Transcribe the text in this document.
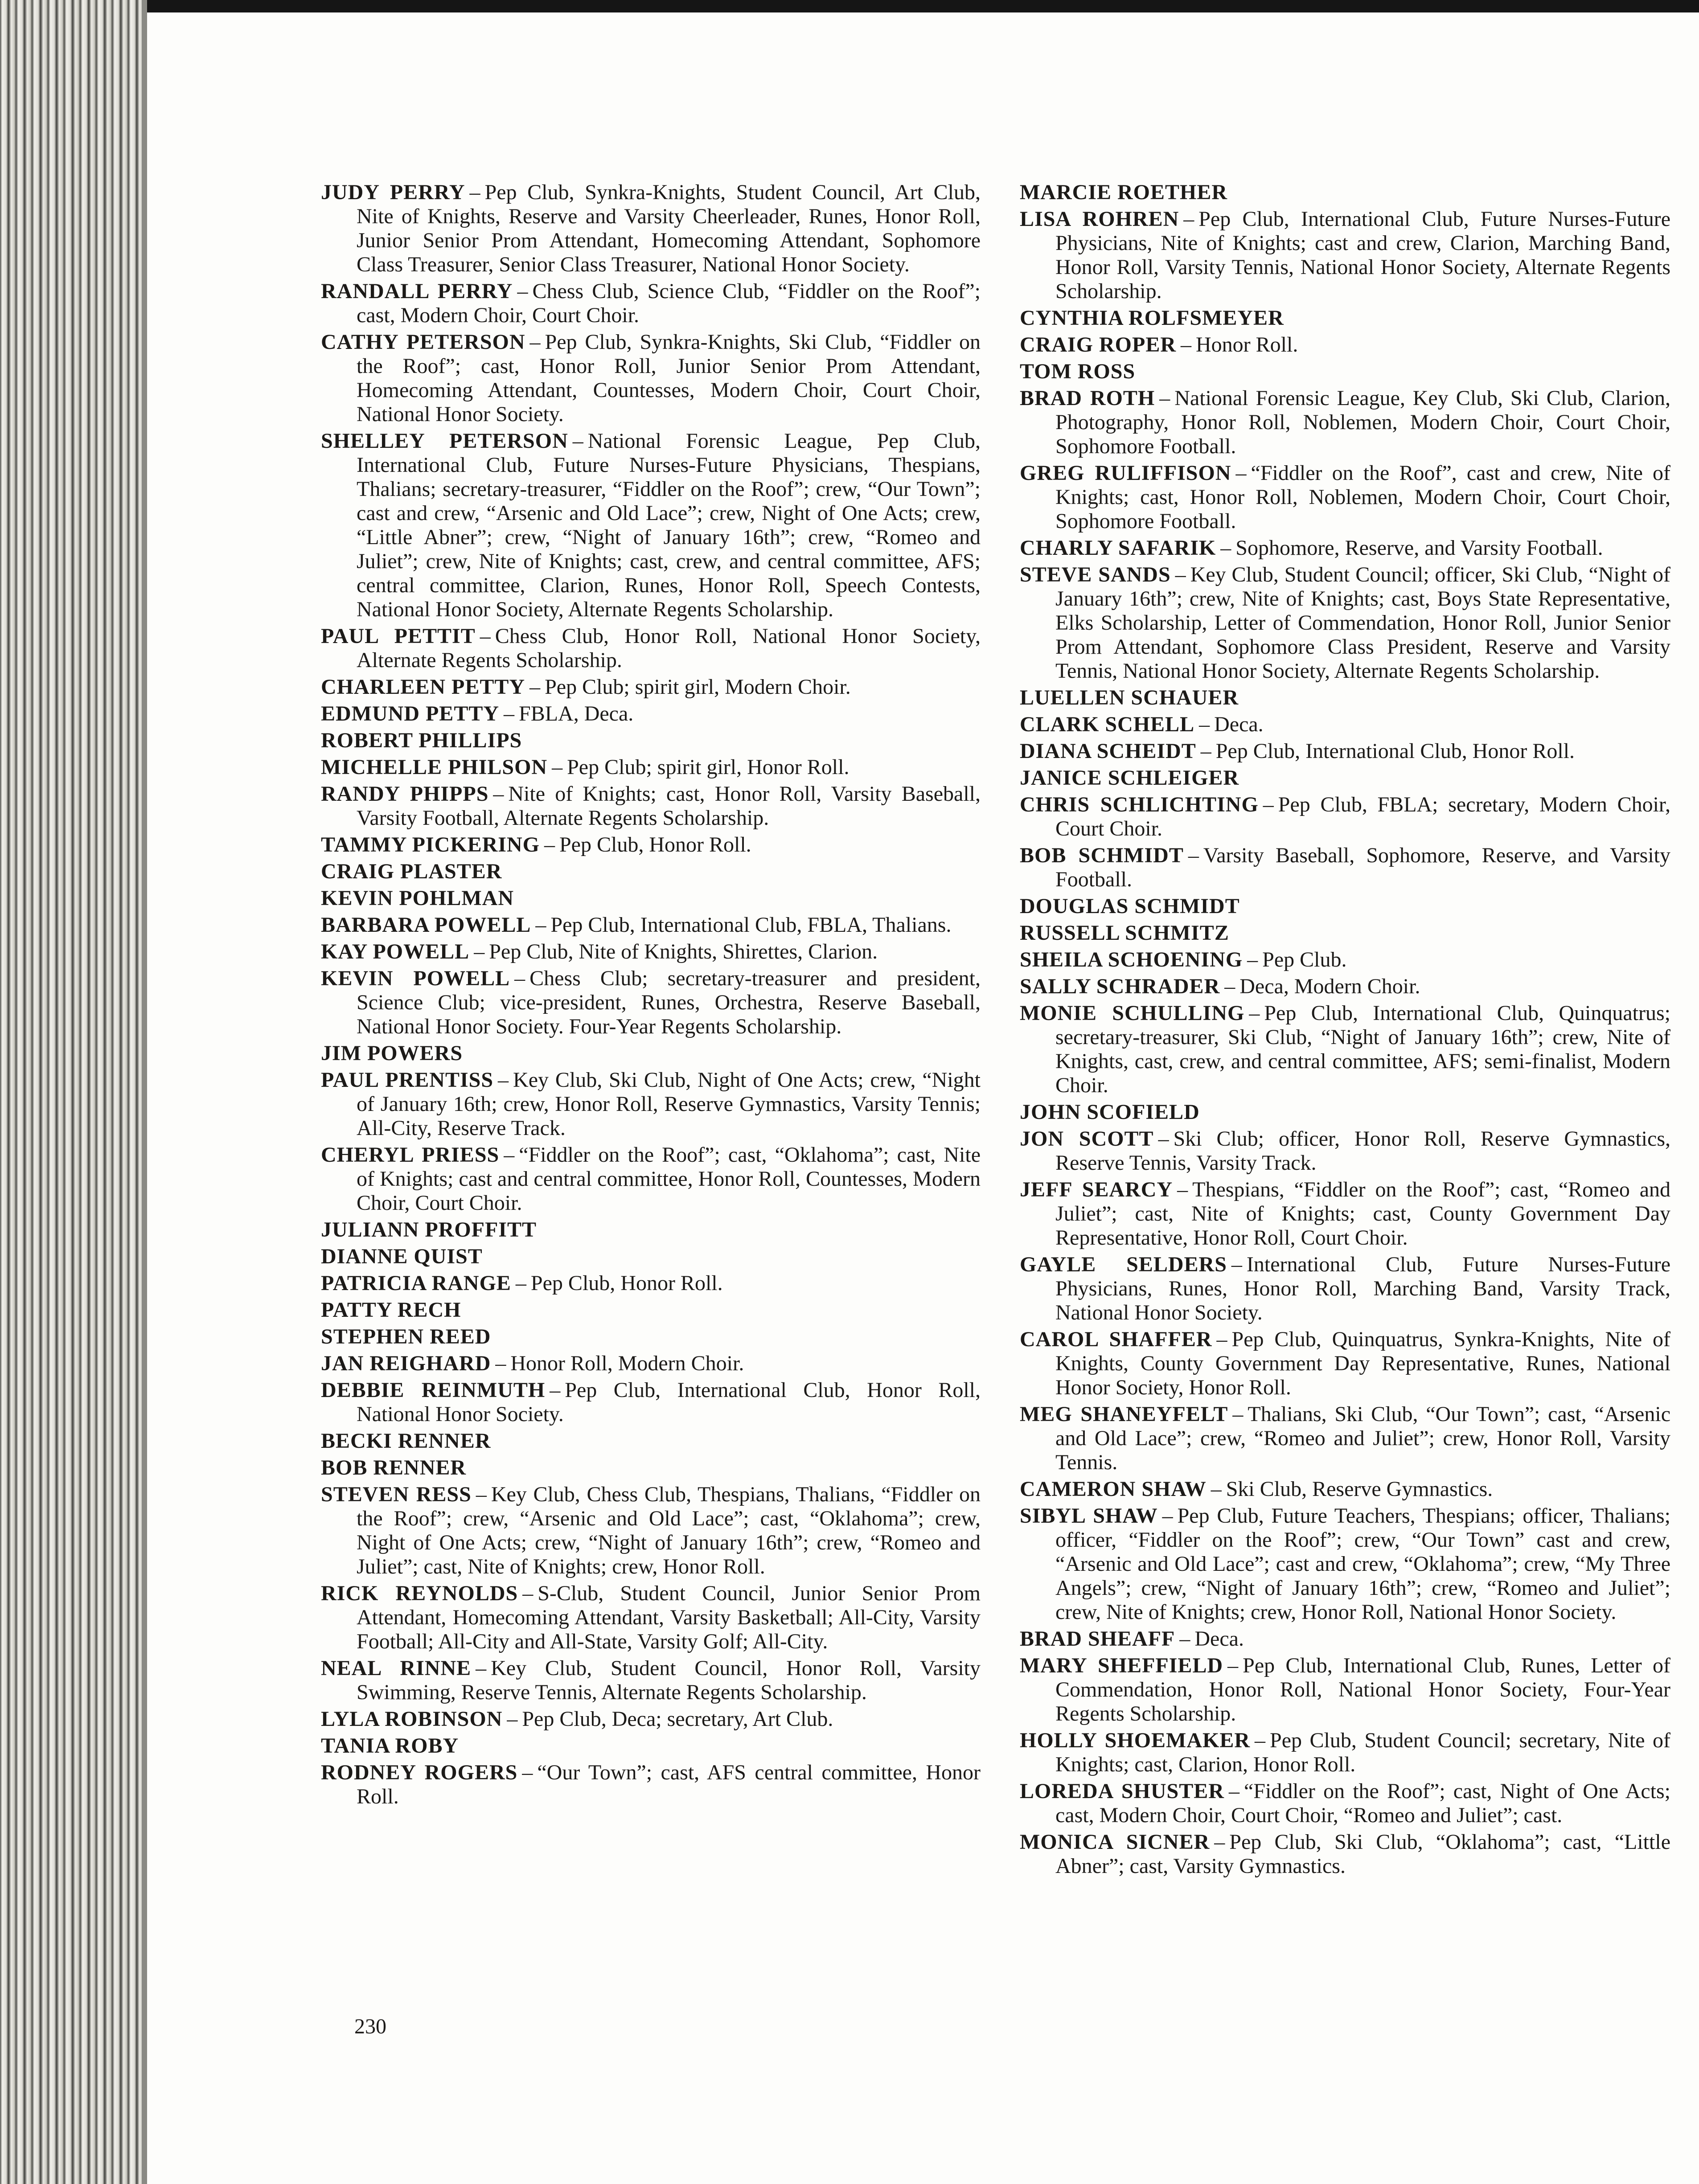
JUDY PERRY – Pep Club, Synkra-Knights, Student Council, Art Club, Nite of Knights, Reserve and Varsity Cheerleader, Runes, Honor Roll, Junior Senior Prom Attendant, Homecoming Attendant, Sophomore Class Treasurer, Senior Class Treasurer, National Honor Society.
RANDALL PERRY – Chess Club, Science Club, “Fiddler on the Roof”; cast, Modern Choir, Court Choir.
CATHY PETERSON – Pep Club, Synkra-Knights, Ski Club, “Fiddler on the Roof”; cast, Honor Roll, Junior Senior Prom Attendant, Homecoming Attendant, Countesses, Modern Choir, Court Choir, National Honor Society.
SHELLEY PETERSON – National Forensic League, Pep Club, International Club, Future Nurses-Future Physicians, Thespians, Thalians; secretary-treasurer, “Fiddler on the Roof”; crew, “Our Town”; cast and crew, “Arsenic and Old Lace”; crew, Night of One Acts; crew, “Little Abner”; crew, “Night of January 16th”; crew, “Romeo and Juliet”; crew, Nite of Knights; cast, crew, and central committee, AFS; central committee, Clarion, Runes, Honor Roll, Speech Contests, National Honor Society, Alternate Regents Scholarship.
PAUL PETTIT – Chess Club, Honor Roll, National Honor Society, Alternate Regents Scholarship.
CHARLEEN PETTY – Pep Club; spirit girl, Modern Choir.
EDMUND PETTY – FBLA, Deca.
ROBERT PHILLIPS
MICHELLE PHILSON – Pep Club; spirit girl, Honor Roll.
RANDY PHIPPS – Nite of Knights; cast, Honor Roll, Varsity Baseball, Varsity Football, Alternate Regents Scholarship.
TAMMY PICKERING – Pep Club, Honor Roll.
CRAIG PLASTER
KEVIN POHLMAN
BARBARA POWELL – Pep Club, International Club, FBLA, Thalians.
KAY POWELL – Pep Club, Nite of Knights, Shirettes, Clarion.
KEVIN POWELL – Chess Club; secretary-treasurer and president, Science Club; vice-president, Runes, Orchestra, Reserve Baseball, National Honor Society. Four-Year Regents Scholarship.
JIM POWERS
PAUL PRENTISS – Key Club, Ski Club, Night of One Acts; crew, “Night of January 16th; crew, Honor Roll, Reserve Gymnastics, Varsity Tennis; All-City, Reserve Track.
CHERYL PRIESS – “Fiddler on the Roof”; cast, “Oklahoma”; cast, Nite of Knights; cast and central committee, Honor Roll, Countesses, Modern Choir, Court Choir.
JULIANN PROFFITT
DIANNE QUIST
PATRICIA RANGE – Pep Club, Honor Roll.
PATTY RECH
STEPHEN REED
JAN REIGHARD – Honor Roll, Modern Choir.
DEBBIE REINMUTH – Pep Club, International Club, Honor Roll, National Honor Society.
BECKI RENNER
BOB RENNER
STEVEN RESS – Key Club, Chess Club, Thespians, Thalians, “Fiddler on the Roof”; crew, “Arsenic and Old Lace”; cast, “Oklahoma”; crew, Night of One Acts; crew, “Night of January 16th”; crew, “Romeo and Juliet”; cast, Nite of Knights; crew, Honor Roll.
RICK REYNOLDS – S-Club, Student Council, Junior Senior Prom Attendant, Homecoming Attendant, Varsity Basketball; All-City, Varsity Football; All-City and All-State, Varsity Golf; All-City.
NEAL RINNE – Key Club, Student Council, Honor Roll, Varsity Swimming, Reserve Tennis, Alternate Regents Scholarship.
LYLA ROBINSON – Pep Club, Deca; secretary, Art Club.
TANIA ROBY
RODNEY ROGERS – “Our Town”; cast, AFS central committee, Honor Roll.
MARCIE ROETHER
LISA ROHREN – Pep Club, International Club, Future Nurses-Future Physicians, Nite of Knights; cast and crew, Clarion, Marching Band, Honor Roll, Varsity Tennis, National Honor Society, Alternate Regents Scholarship.
CYNTHIA ROLFSMEYER
CRAIG ROPER – Honor Roll.
TOM ROSS
BRAD ROTH – National Forensic League, Key Club, Ski Club, Clarion, Photography, Honor Roll, Noblemen, Modern Choir, Court Choir, Sophomore Football.
GREG RULIFFISON – “Fiddler on the Roof”, cast and crew, Nite of Knights; cast, Honor Roll, Noblemen, Modern Choir, Court Choir, Sophomore Football.
CHARLY SAFARIK – Sophomore, Reserve, and Varsity Football.
STEVE SANDS – Key Club, Student Council; officer, Ski Club, “Night of January 16th”; crew, Nite of Knights; cast, Boys State Representative, Elks Scholarship, Letter of Commendation, Honor Roll, Junior Senior Prom Attendant, Sophomore Class President, Reserve and Varsity Tennis, National Honor Society, Alternate Regents Scholarship.
LUELLEN SCHAUER
CLARK SCHELL – Deca.
DIANA SCHEIDT – Pep Club, International Club, Honor Roll.
JANICE SCHLEIGER
CHRIS SCHLICHTING – Pep Club, FBLA; secretary, Modern Choir, Court Choir.
BOB SCHMIDT – Varsity Baseball, Sophomore, Reserve, and Varsity Football.
DOUGLAS SCHMIDT
RUSSELL SCHMITZ
SHEILA SCHOENING – Pep Club.
SALLY SCHRADER – Deca, Modern Choir.
MONIE SCHULLING – Pep Club, International Club, Quinquatrus; secretary-treasurer, Ski Club, “Night of January 16th”; crew, Nite of Knights, cast, crew, and central committee, AFS; semi-finalist, Modern Choir.
JOHN SCOFIELD
JON SCOTT – Ski Club; officer, Honor Roll, Reserve Gymnastics, Reserve Tennis, Varsity Track.
JEFF SEARCY – Thespians, “Fiddler on the Roof”; cast, “Romeo and Juliet”; cast, Nite of Knights; cast, County Government Day Representative, Honor Roll, Court Choir.
GAYLE SELDERS – International Club, Future Nurses-Future Physicians, Runes, Honor Roll, Marching Band, Varsity Track, National Honor Society.
CAROL SHAFFER – Pep Club, Quinquatrus, Synkra-Knights, Nite of Knights, County Government Day Representative, Runes, National Honor Society, Honor Roll.
MEG SHANEYFELT – Thalians, Ski Club, “Our Town”; cast, “Arsenic and Old Lace”; crew, “Romeo and Juliet”; crew, Honor Roll, Varsity Tennis.
CAMERON SHAW – Ski Club, Reserve Gymnastics.
SIBYL SHAW – Pep Club, Future Teachers, Thespians; officer, Thalians; officer, “Fiddler on the Roof”; crew, “Our Town” cast and crew, “Arsenic and Old Lace”; cast and crew, “Oklahoma”; crew, “My Three Angels”; crew, “Night of January 16th”; crew, “Romeo and Juliet”; crew, Nite of Knights; crew, Honor Roll, National Honor Society.
BRAD SHEAFF – Deca.
MARY SHEFFIELD – Pep Club, International Club, Runes, Letter of Commendation, Honor Roll, National Honor Society, Four-Year Regents Scholarship.
HOLLY SHOEMAKER – Pep Club, Student Council; secretary, Nite of Knights; cast, Clarion, Honor Roll.
LOREDA SHUSTER – “Fiddler on the Roof”; cast, Night of One Acts; cast, Modern Choir, Court Choir, “Romeo and Juliet”; cast.
MONICA SICNER – Pep Club, Ski Club, “Oklahoma”; cast, “Little Abner”; cast, Varsity Gymnastics.
230
